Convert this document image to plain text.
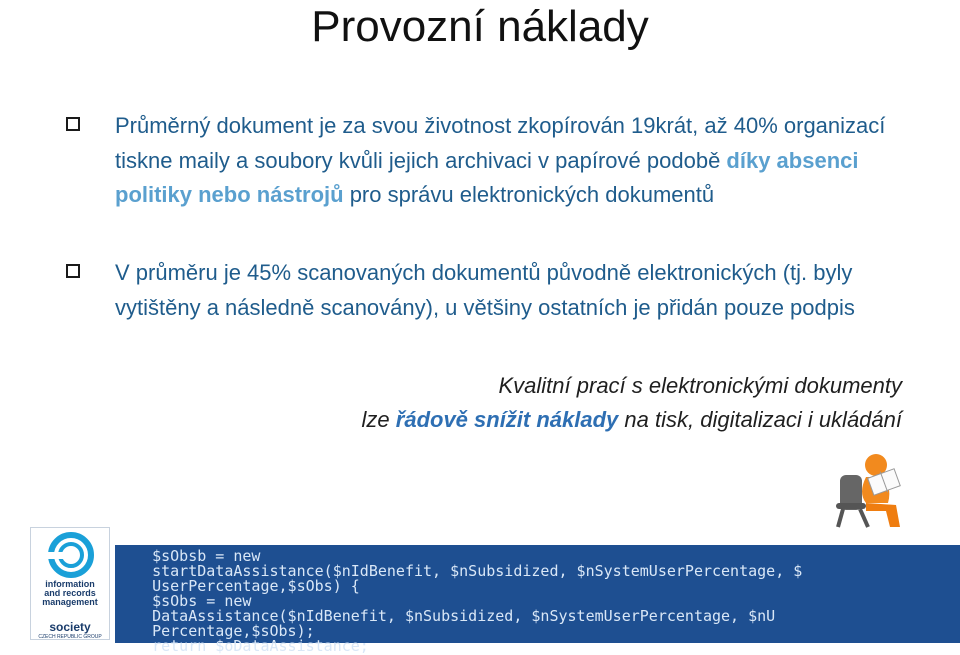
Provozní náklady

Průměrný dokument je za svou životnost zkopírován 19krát, až 40% organizací tiskne maily a soubory kvůli jejich archivaci v papírové podobě díky absenci politiky nebo nástrojů pro správu elektronických dokumentů

V průměru je 45% scanovaných dokumentů původně elektronických (tj. byly vytištěny a následně scanovány), u většiny ostatních je přidán pouze podpis

Kvalitní prací s elektronickými dokumenty
lze řádově snížit náklady na tisk, digitalizaci i ukládání
$sObsb = new
startDataAssistance($nIdBenefit, $nSubsidized, $nSystemUserPercentage, $
UserPercentage,$sObs) {
$sObs = new
DataAssistance($nIdBenefit, $nSubsidized, $nSystemUserPercentage, $nU
Percentage,$sObs);
return $oDataAssistance;
information
and records
management
society
CZECH REPUBLIC GROUP
